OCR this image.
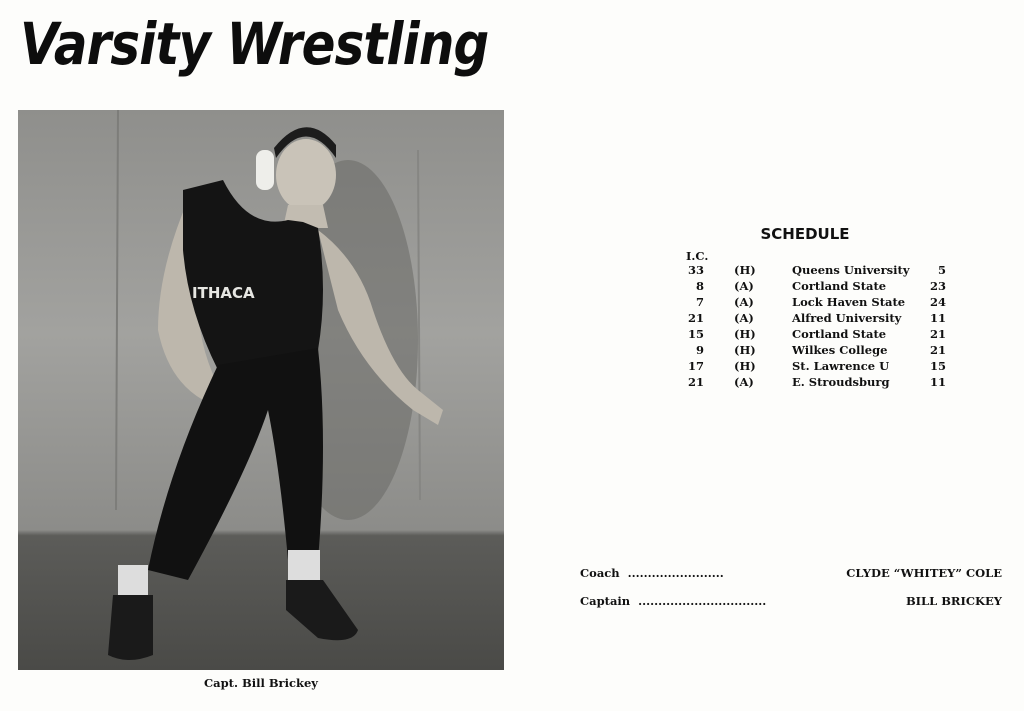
Varsity Wrestling
ITHACA
Capt. Bill Brickey
SCHEDULE
I.C.
33	(H)	Queens University	5
8	(A)	Cortland State	23
7	(A)	Lock Haven State	24
21	(A)	Alfred University	11
15	(H)	Cortland State	21
9	(H)	Wilkes College	21
17	(H)	St. Lawrence U	15
21	(A)	E. Stroudsburg	11
Coach ........................	CLYDE “WHITEY” COLE
Captain ................................	BILL BRICKEY
